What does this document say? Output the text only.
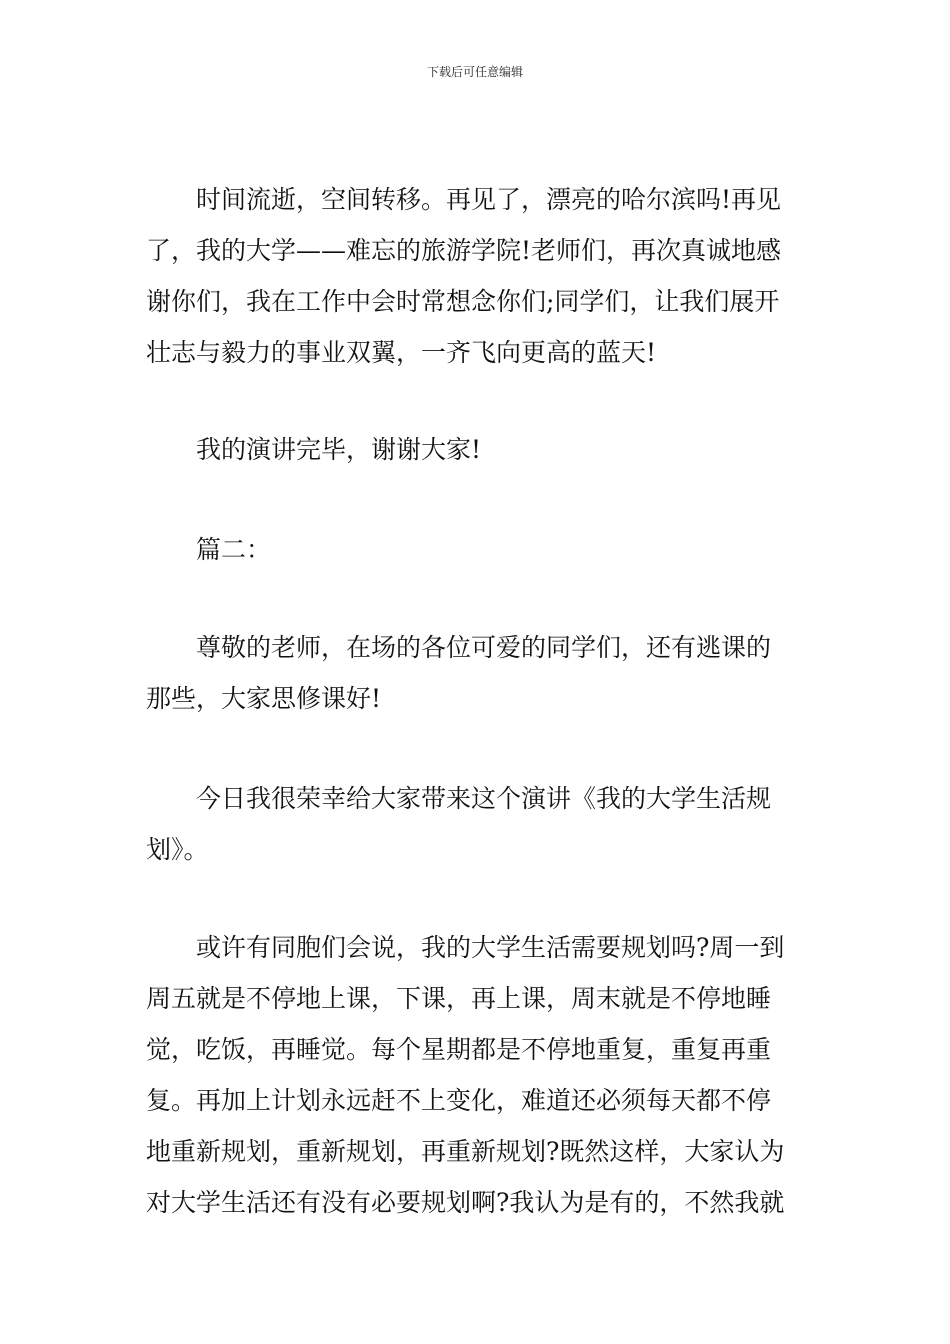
下载后可任意编辑
时间流逝，空间转移。再见了，漂亮的哈尔滨吗!再见
了，我的大学——难忘的旅游学院!老师们，再次真诚地感
谢你们，我在工作中会时常想念你们;同学们，让我们展开
壮志与毅力的事业双翼，一齐飞向更高的蓝天!
我的演讲完毕，谢谢大家!
篇二：
尊敬的老师，在场的各位可爱的同学们，还有逃课的
那些，大家思修课好!
今日我很荣幸给大家带来这个演讲《我的大学生活规
划》。
或许有同胞们会说，我的大学生活需要规划吗?周一到
周五就是不停地上课，下课，再上课，周末就是不停地睡
觉，吃饭，再睡觉。每个星期都是不停地重复，重复再重
复。再加上计划永远赶不上变化，难道还必须每天都不停
地重新规划，重新规划，再重新规划?既然这样，大家认为
对大学生活还有没有必要规划啊?我认为是有的，不然我就
